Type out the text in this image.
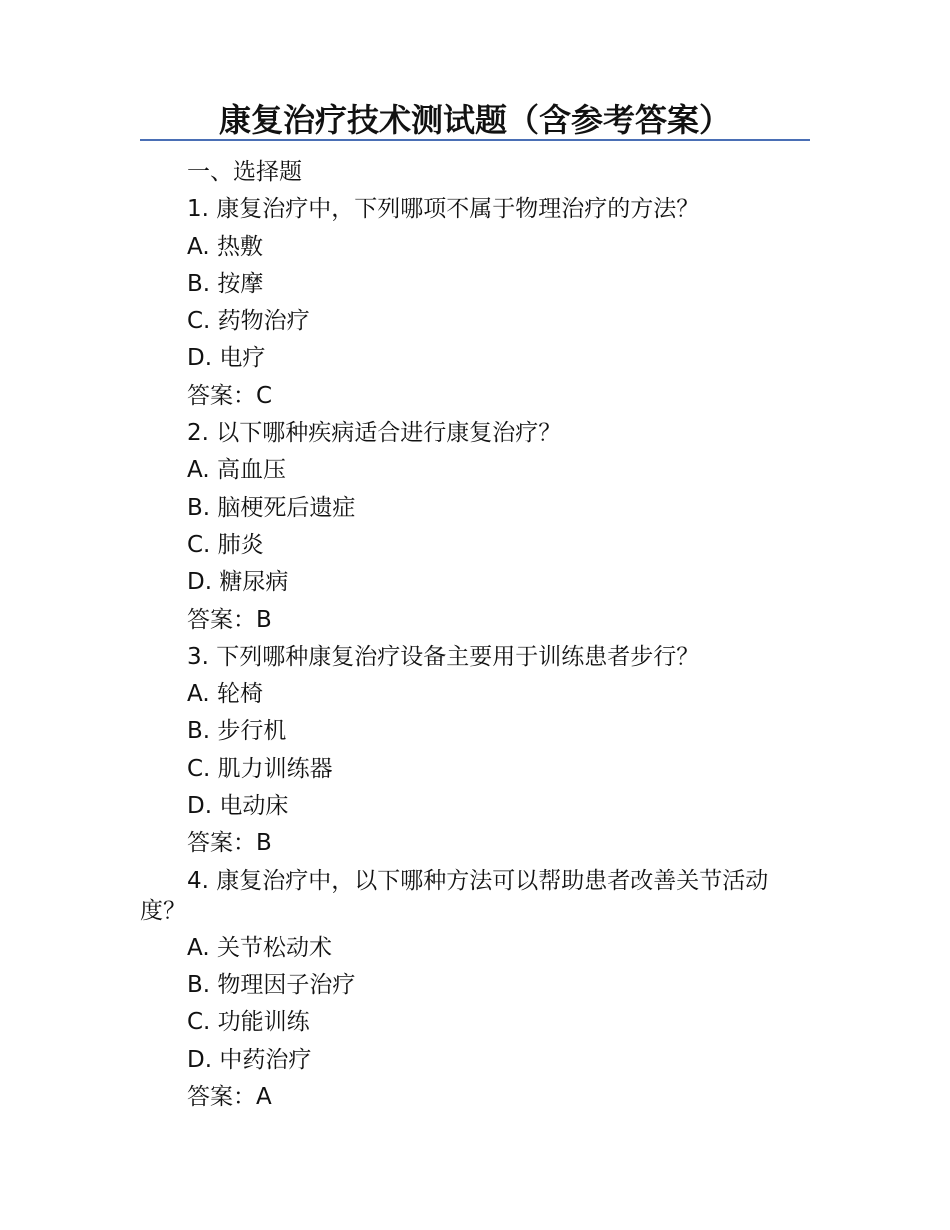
康复治疗技术测试题（含参考答案）

一、选择题

1. 康复治疗中，下列哪项不属于物理治疗的方法？

A. 热敷

B. 按摩

C. 药物治疗

D. 电疗

答案：C

2. 以下哪种疾病适合进行康复治疗？

A. 高血压

B. 脑梗死后遗症

C. 肺炎

D. 糖尿病

答案：B

3. 下列哪种康复治疗设备主要用于训练患者步行？

A. 轮椅

B. 步行机

C. 肌力训练器

D. 电动床

答案：B

4. 康复治疗中，以下哪种方法可以帮助患者改善关节活动度？

A. 关节松动术

B. 物理因子治疗

C. 功能训练

D. 中药治疗

答案：A
